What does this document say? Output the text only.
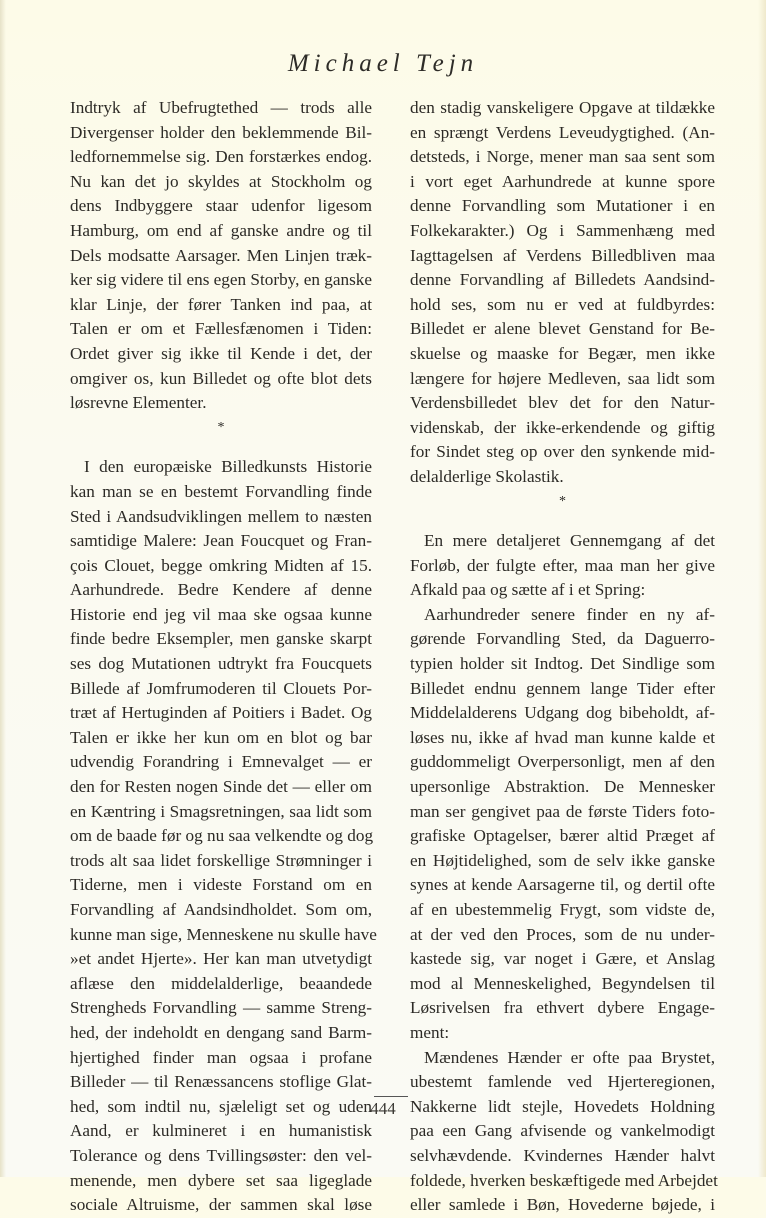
Michael Tejn
Indtryk af Ubefrugtethed — trods alle
Divergenser holder den beklemmende Bil-
ledfornemmelse sig. Den forstærkes endog.
Nu kan det jo skyldes at Stockholm og
dens Indbyggere staar udenfor ligesom
Hamburg, om end af ganske andre og til
Dels modsatte Aarsager. Men Linjen træk-
ker sig videre til ens egen Storby, en ganske
klar Linje, der fører Tanken ind paa, at
Talen er om et Fællesfænomen i Tiden:
Ordet giver sig ikke til Kende i det, der
omgiver os, kun Billedet og ofte blot dets
løsrevne Elementer.
*
I den europæiske Billedkunsts Historie
kan man se en bestemt Forvandling finde
Sted i Aandsudviklingen mellem to næsten
samtidige Malere: Jean Foucquet og Fran-
çois Clouet, begge omkring Midten af 15.
Aarhundrede. Bedre Kendere af denne
Historie end jeg vil maa ske ogsaa kunne
finde bedre Eksempler, men ganske skarpt
ses dog Mutationen udtrykt fra Foucquets
Billede af Jomfrumoderen til Clouets Por-
træt af Hertuginden af Poitiers i Badet. Og
Talen er ikke her kun om en blot og bar
udvendig Forandring i Emnevalget — er
den for Resten nogen Sinde det — eller om
en Kæntring i Smagsretningen, saa lidt som
om de baade før og nu saa velkendte og dog
trods alt saa lidet forskellige Strømninger i
Tiderne, men i videste Forstand om en
Forvandling af Aandsindholdet. Som om,
kunne man sige, Menneskene nu skulle have
»et andet Hjerte». Her kan man utvetydigt
aflæse den middelalderlige, beaandede
Strengheds Forvandling — samme Streng-
hed, der indeholdt en dengang sand Barm-
hjertighed finder man ogsaa i profane
Billeder — til Renæssancens stoflige Glat-
hed, som indtil nu, sjæleligt set og uden
Aand, er kulmineret i en humanistisk
Tolerance og dens Tvillingsøster: den vel-
menende, men dybere set saa ligeglade
sociale Altruisme, der sammen skal løse
den stadig vanskeligere Opgave at tildække
en sprængt Verdens Leveudygtighed. (An-
detsteds, i Norge, mener man saa sent som
i vort eget Aarhundrede at kunne spore
denne Forvandling som Mutationer i en
Folkekarakter.) Og i Sammenhæng med
Iagttagelsen af Verdens Billedbliven maa
denne Forvandling af Billedets Aandsind-
hold ses, som nu er ved at fuldbyrdes:
Billedet er alene blevet Genstand for Be-
skuelse og maaske for Begær, men ikke
længere for højere Medleven, saa lidt som
Verdensbilledet blev det for den Natur-
videnskab, der ikke-erkendende og giftig
for Sindet steg op over den synkende mid-
delalderlige Skolastik.
*
En mere detaljeret Gennemgang af det
Forløb, der fulgte efter, maa man her give
Afkald paa og sætte af i et Spring:
Aarhundreder senere finder en ny af-
gørende Forvandling Sted, da Daguerro-
typien holder sit Indtog. Det Sindlige som
Billedet endnu gennem lange Tider efter
Middelalderens Udgang dog bibeholdt, af-
løses nu, ikke af hvad man kunne kalde et
guddommeligt Overpersonligt, men af den
upersonlige Abstraktion. De Mennesker
man ser gengivet paa de første Tiders foto-
grafiske Optagelser, bærer altid Præget af
en Højtidelighed, som de selv ikke ganske
synes at kende Aarsagerne til, og dertil ofte
af en ubestemmelig Frygt, som vidste de,
at der ved den Proces, som de nu under-
kastede sig, var noget i Gære, et Anslag
mod al Menneskelighed, Begyndelsen til
Løsrivelsen fra ethvert dybere Engage-
ment:
Mændenes Hænder er ofte paa Brystet,
ubestemt famlende ved Hjerteregionen,
Nakkerne lidt stejle, Hovedets Holdning
paa een Gang afvisende og vankelmodigt
selvhævdende. Kvindernes Hænder halvt
foldede, hverken beskæftigede med Arbejdet
eller samlede i Bøn, Hovederne bøjede, i
444
